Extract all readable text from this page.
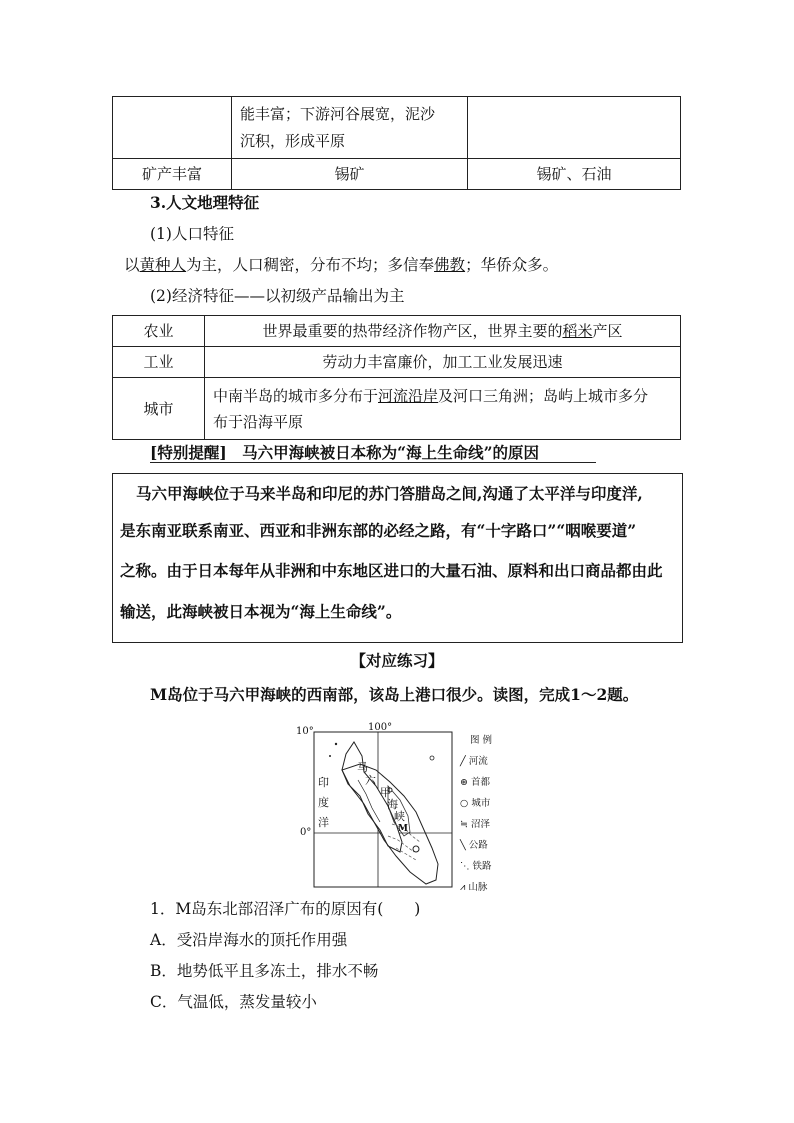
	能丰富；下游河谷展宽，泥沙
沉积，形成平原	

矿产丰富	锡矿	锡矿、石油
3.人文地理特征
(1)人口特征
以黄种人为主，人口稠密，分布不均；多信奉佛教；华侨众多。
(2)经济特征——以初级产品输出为主
农业	世界最重要的热带经济作物产区，世界主要的稻米产区
工业	劳动力丰富廉价，加工工业发展迅速
城市	中南半岛的城市多分布于河流沿岸及河口三角洲；岛屿上城市多分
布于沿海平原
[特别提醒]　马六甲海峡被日本称为“海上生命线”的原因
马六甲海峡位于马来半岛和印尼的苏门答腊岛之间,沟通了太平洋与印度洋,
是东南亚联系南亚、西亚和非洲东部的必经之路，有“十字路口”“咽喉要道”
之称。由于日本每年从非洲和中东地区进口的大量石油、原料和出口商品都由此
输送，此海峡被日本视为“海上生命线”。
【对应练习】
M岛位于马六甲海峡的西南部，该岛上港口很少。读图，完成1～2题。
10°
0°
100°
马
六
甲
海
峡
印
度
洋	M
图 例
╱ 河流
⊛ 首都
○ 城市
≒ 沼泽
╲ 公路
⋱ 铁路
⩘ 山脉
1．M岛东北部沼泽广布的原因有(　　)
A．受沿岸海水的顶托作用强
B．地势低平且多冻土，排水不畅
C．气温低，蒸发量较小
